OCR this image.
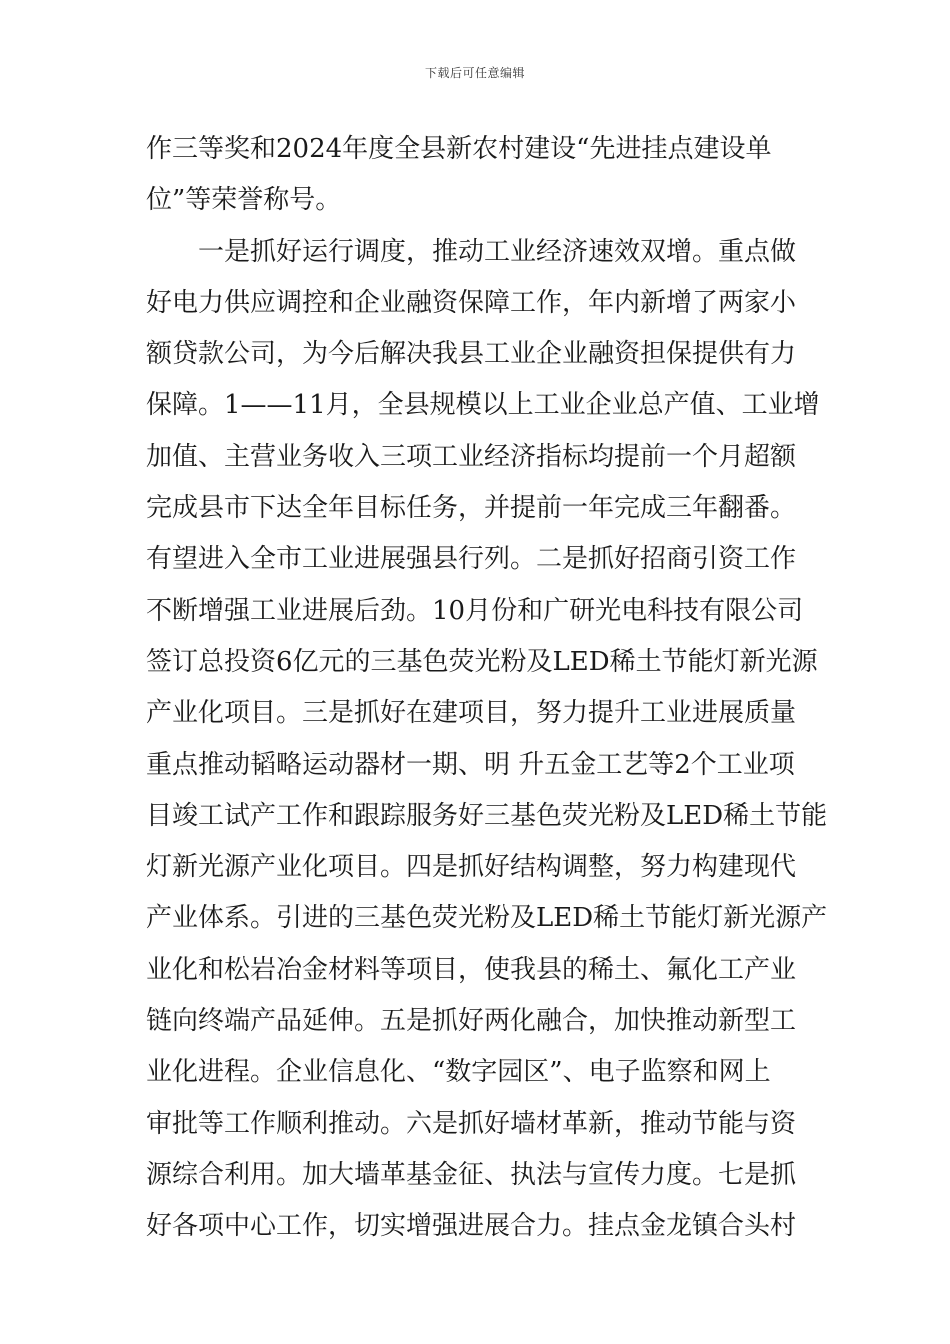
下载后可任意编辑
作三等奖和2024年度全县新农村建设“先进挂点建设单
位”等荣誉称号。
　　一是抓好运行调度，推动工业经济速效双增。重点做
好电力供应调控和企业融资保障工作，年内新增了两家小
额贷款公司，为今后解决我县工业企业融资担保提供有力
保障。1——11月，全县规模以上工业企业总产值、工业增
加值、主营业务收入三项工业经济指标均提前一个月超额
完成县市下达全年目标任务，并提前一年完成三年翻番。
有望进入全市工业进展强县行列。二是抓好招商引资工作
不断增强工业进展后劲。10月份和广研光电科技有限公司
签订总投资6亿元的三基色荧光粉及LED稀土节能灯新光源
产业化项目。三是抓好在建项目，努力提升工业进展质量
重点推动韬略运动器材一期、明 升五金工艺等2个工业项
目竣工试产工作和跟踪服务好三基色荧光粉及LED稀土节能
灯新光源产业化项目。四是抓好结构调整，努力构建现代
产业体系。引进的三基色荧光粉及LED稀土节能灯新光源产
业化和松岩冶金材料等项目，使我县的稀土、氟化工产业
链向终端产品延伸。五是抓好两化融合，加快推动新型工
业化进程。企业信息化、“数字园区”、电子监察和网上
审批等工作顺利推动。六是抓好墙材革新，推动节能与资
源综合利用。加大墙革基金征、执法与宣传力度。七是抓
好各项中心工作，切实增强进展合力。挂点金龙镇合头村
